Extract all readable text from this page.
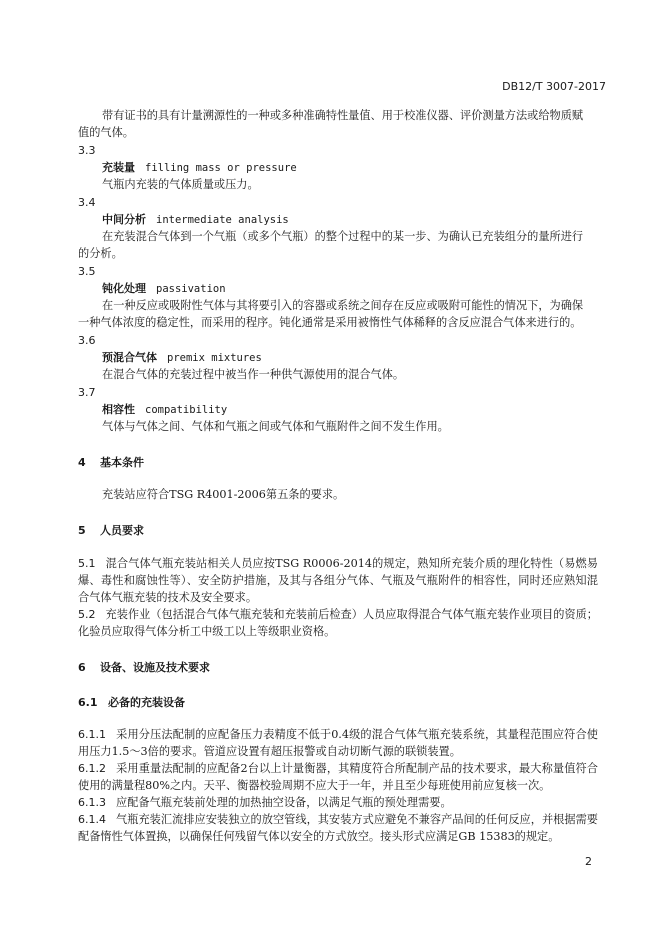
DB12/T 3007-2017
带有证书的具有计量溯源性的一种或多种准确特性量值、用于校准仪器、评价测量方法或给物质赋
值的气体。
3.3
充装量 filling mass or pressure
气瓶内充装的气体质量或压力。
3.4
中间分析 intermediate analysis
在充装混合气体到一个气瓶（或多个气瓶）的整个过程中的某一步、为确认已充装组分的量所进行
的分析。
3.5
钝化处理 passivation
在一种反应或吸附性气体与其将要引入的容器或系统之间存在反应或吸附可能性的情况下，为确保
一种气体浓度的稳定性，而采用的程序。钝化通常是采用被惰性气体稀释的含反应混合气体来进行的。
3.6
预混合气体 premix mixtures
在混合气体的充装过程中被当作一种供气源使用的混合气体。
3.7
相容性 compatibility
气体与气体之间、气体和气瓶之间或气体和气瓶附件之间不发生作用。
4 基本条件
充装站应符合TSG R4001-2006第五条的要求。
5 人员要求
5.1 混合气体气瓶充装站相关人员应按TSG R0006-2014的规定，熟知所充装介质的理化特性（易燃易爆、毒性和腐蚀性等）、安全防护措施，及其与各组分气体、气瓶及气瓶附件的相容性，同时还应熟知混合气体气瓶充装的技术及安全要求。
5.2 充装作业（包括混合气体气瓶充装和充装前后检查）人员应取得混合气体气瓶充装作业项目的资质；化验员应取得气体分析工中级工以上等级职业资格。
6 设备、设施及技术要求
6.1 必备的充装设备
6.1.1 采用分压法配制的应配备压力表精度不低于0.4级的混合气体气瓶充装系统，其量程范围应符合使用压力1.5～3倍的要求。管道应设置有超压报警或自动切断气源的联锁装置。
6.1.2 采用重量法配制的应配备2台以上计量衡器，其精度符合所配制产品的技术要求，最大称量值符合使用的满量程80%之内。天平、衡器校验周期不应大于一年，并且至少每班使用前应复核一次。
6.1.3 应配备气瓶充装前处理的加热抽空设备，以满足气瓶的预处理需要。
6.1.4 气瓶充装汇流排应安装独立的放空管线，其安装方式应避免不兼容产品间的任何反应，并根据需要配备惰性气体置换，以确保任何残留气体以安全的方式放空。接头形式应满足GB 15383的规定。
2
